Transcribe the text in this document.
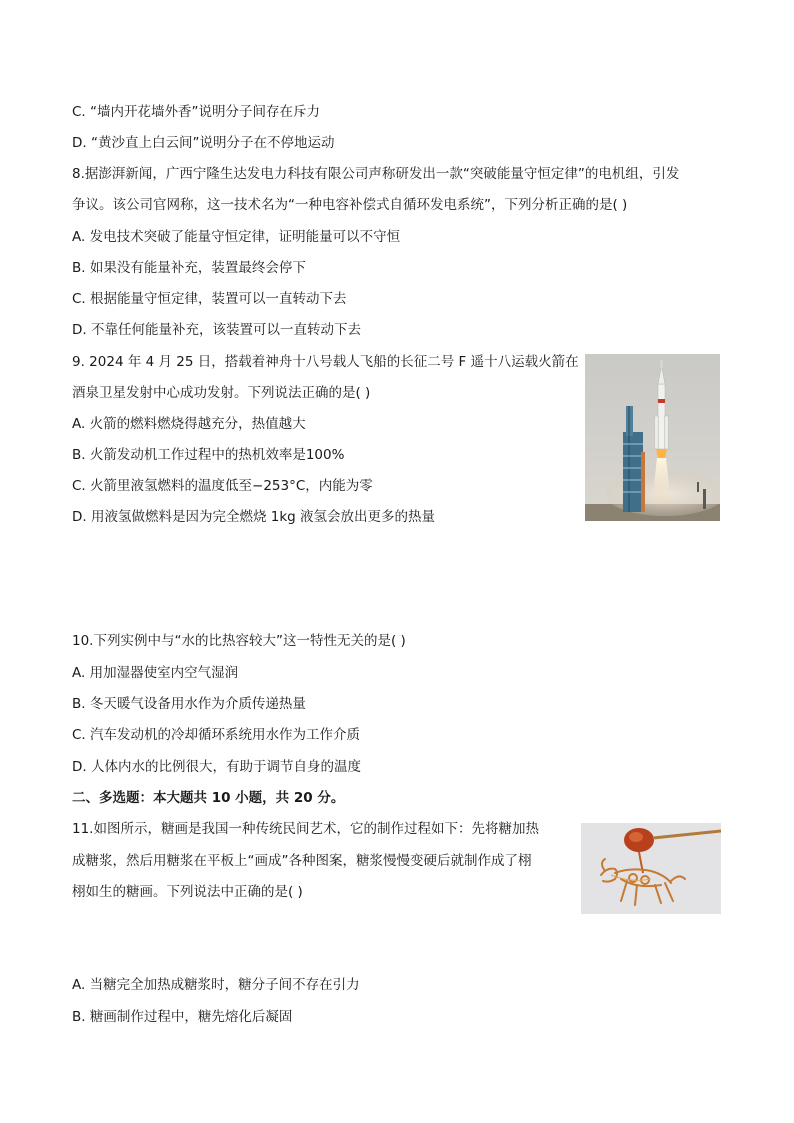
C. “墙内开花墙外香”说明分子间存在斥力
D. “黄沙直上白云间”说明分子在不停地运动
8.据澎湃新闻，广西宁隆生达发电力科技有限公司声称研发出一款“突破能量守恒定律”的电机组，引发
争议。该公司官网称，这一技术名为“一种电容补偿式自循环发电系统”，下列分析正确的是( )
A. 发电技术突破了能量守恒定律，证明能量可以不守恒
B. 如果没有能量补充，装置最终会停下
C. 根据能量守恒定律，装置可以一直转动下去
D. 不靠任何能量补充，该装置可以一直转动下去
9. 2024 年 4 月 25 日，搭载着神舟十八号载人飞船的长征二号 F 遥十八运载火箭在
酒泉卫星发射中心成功发射。下列说法正确的是( )
A. 火箭的燃料燃烧得越充分，热值越大
B. 火箭发动机工作过程中的热机效率是100%
C. 火箭里液氢燃料的温度低至−253°C，内能为零
D. 用液氢做燃料是因为完全燃烧 1kg 液氢会放出更多的热量
10.下列实例中与“水的比热容较大”这一特性无关的是( )
A. 用加湿器使室内空气湿润
B. 冬天暖气设备用水作为介质传递热量
C. 汽车发动机的冷却循环系统用水作为工作介质
D. 人体内水的比例很大，有助于调节自身的温度
二、多选题：本大题共 10 小题，共 20 分。
11.如图所示，糖画是我国一种传统民间艺术，它的制作过程如下：先将糖加热
成糖浆，然后用糖浆在平板上“画成”各种图案，糖浆慢慢变硬后就制作成了栩
栩如生的糖画。下列说法中正确的是( )
A. 当糖完全加热成糖浆时，糖分子间不存在引力
B. 糖画制作过程中，糖先熔化后凝固
